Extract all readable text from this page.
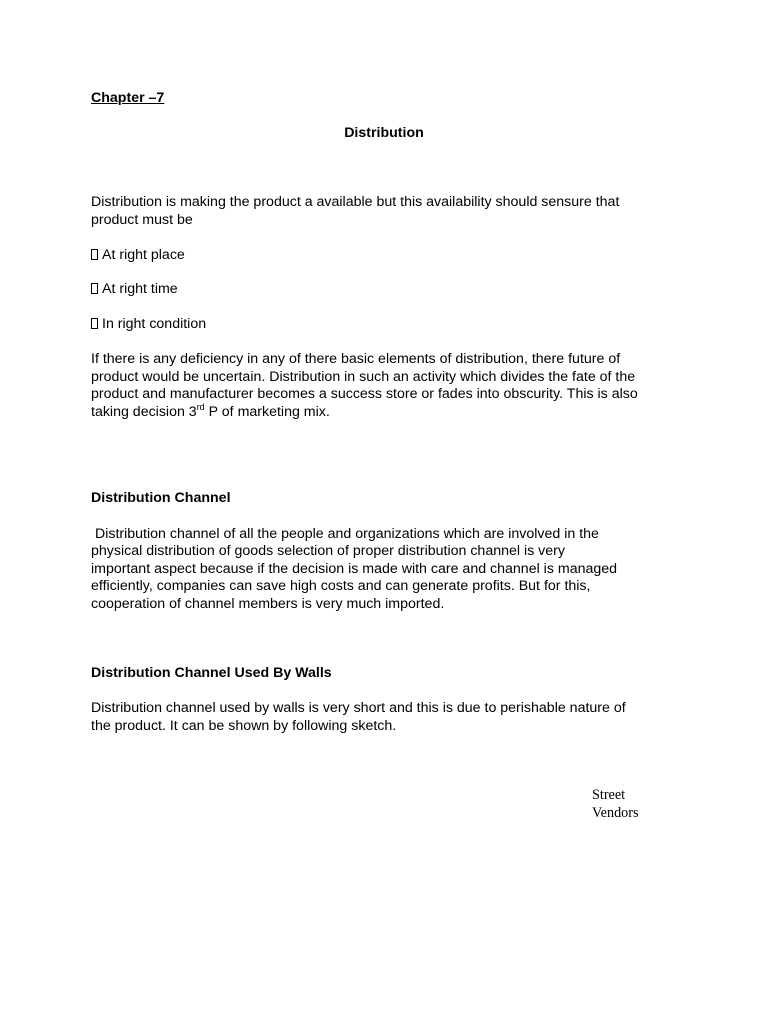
Chapter –7
Distribution
Distribution is making the product a available but this availability should sensure that
product must be
At right place
At right time
In right condition
If there is any deficiency in any of there basic elements of distribution, there future of
product would be uncertain. Distribution in such an activity which divides the fate of the
product and manufacturer becomes a success store or fades into obscurity. This is also
taking decision 3rd P of marketing mix.
Distribution Channel
Distribution channel of all the people and organizations which are involved in the
physical distribution of goods selection of proper distribution channel is very
important aspect because if the decision is made with care and channel is managed
efficiently, companies can save high costs and can generate profits. But for this,
cooperation of channel members is very much imported.
Distribution Channel Used By Walls
Distribution channel used by walls is very short and this is due to perishable nature of
the product. It can be shown by following sketch.
Street
Vendors
